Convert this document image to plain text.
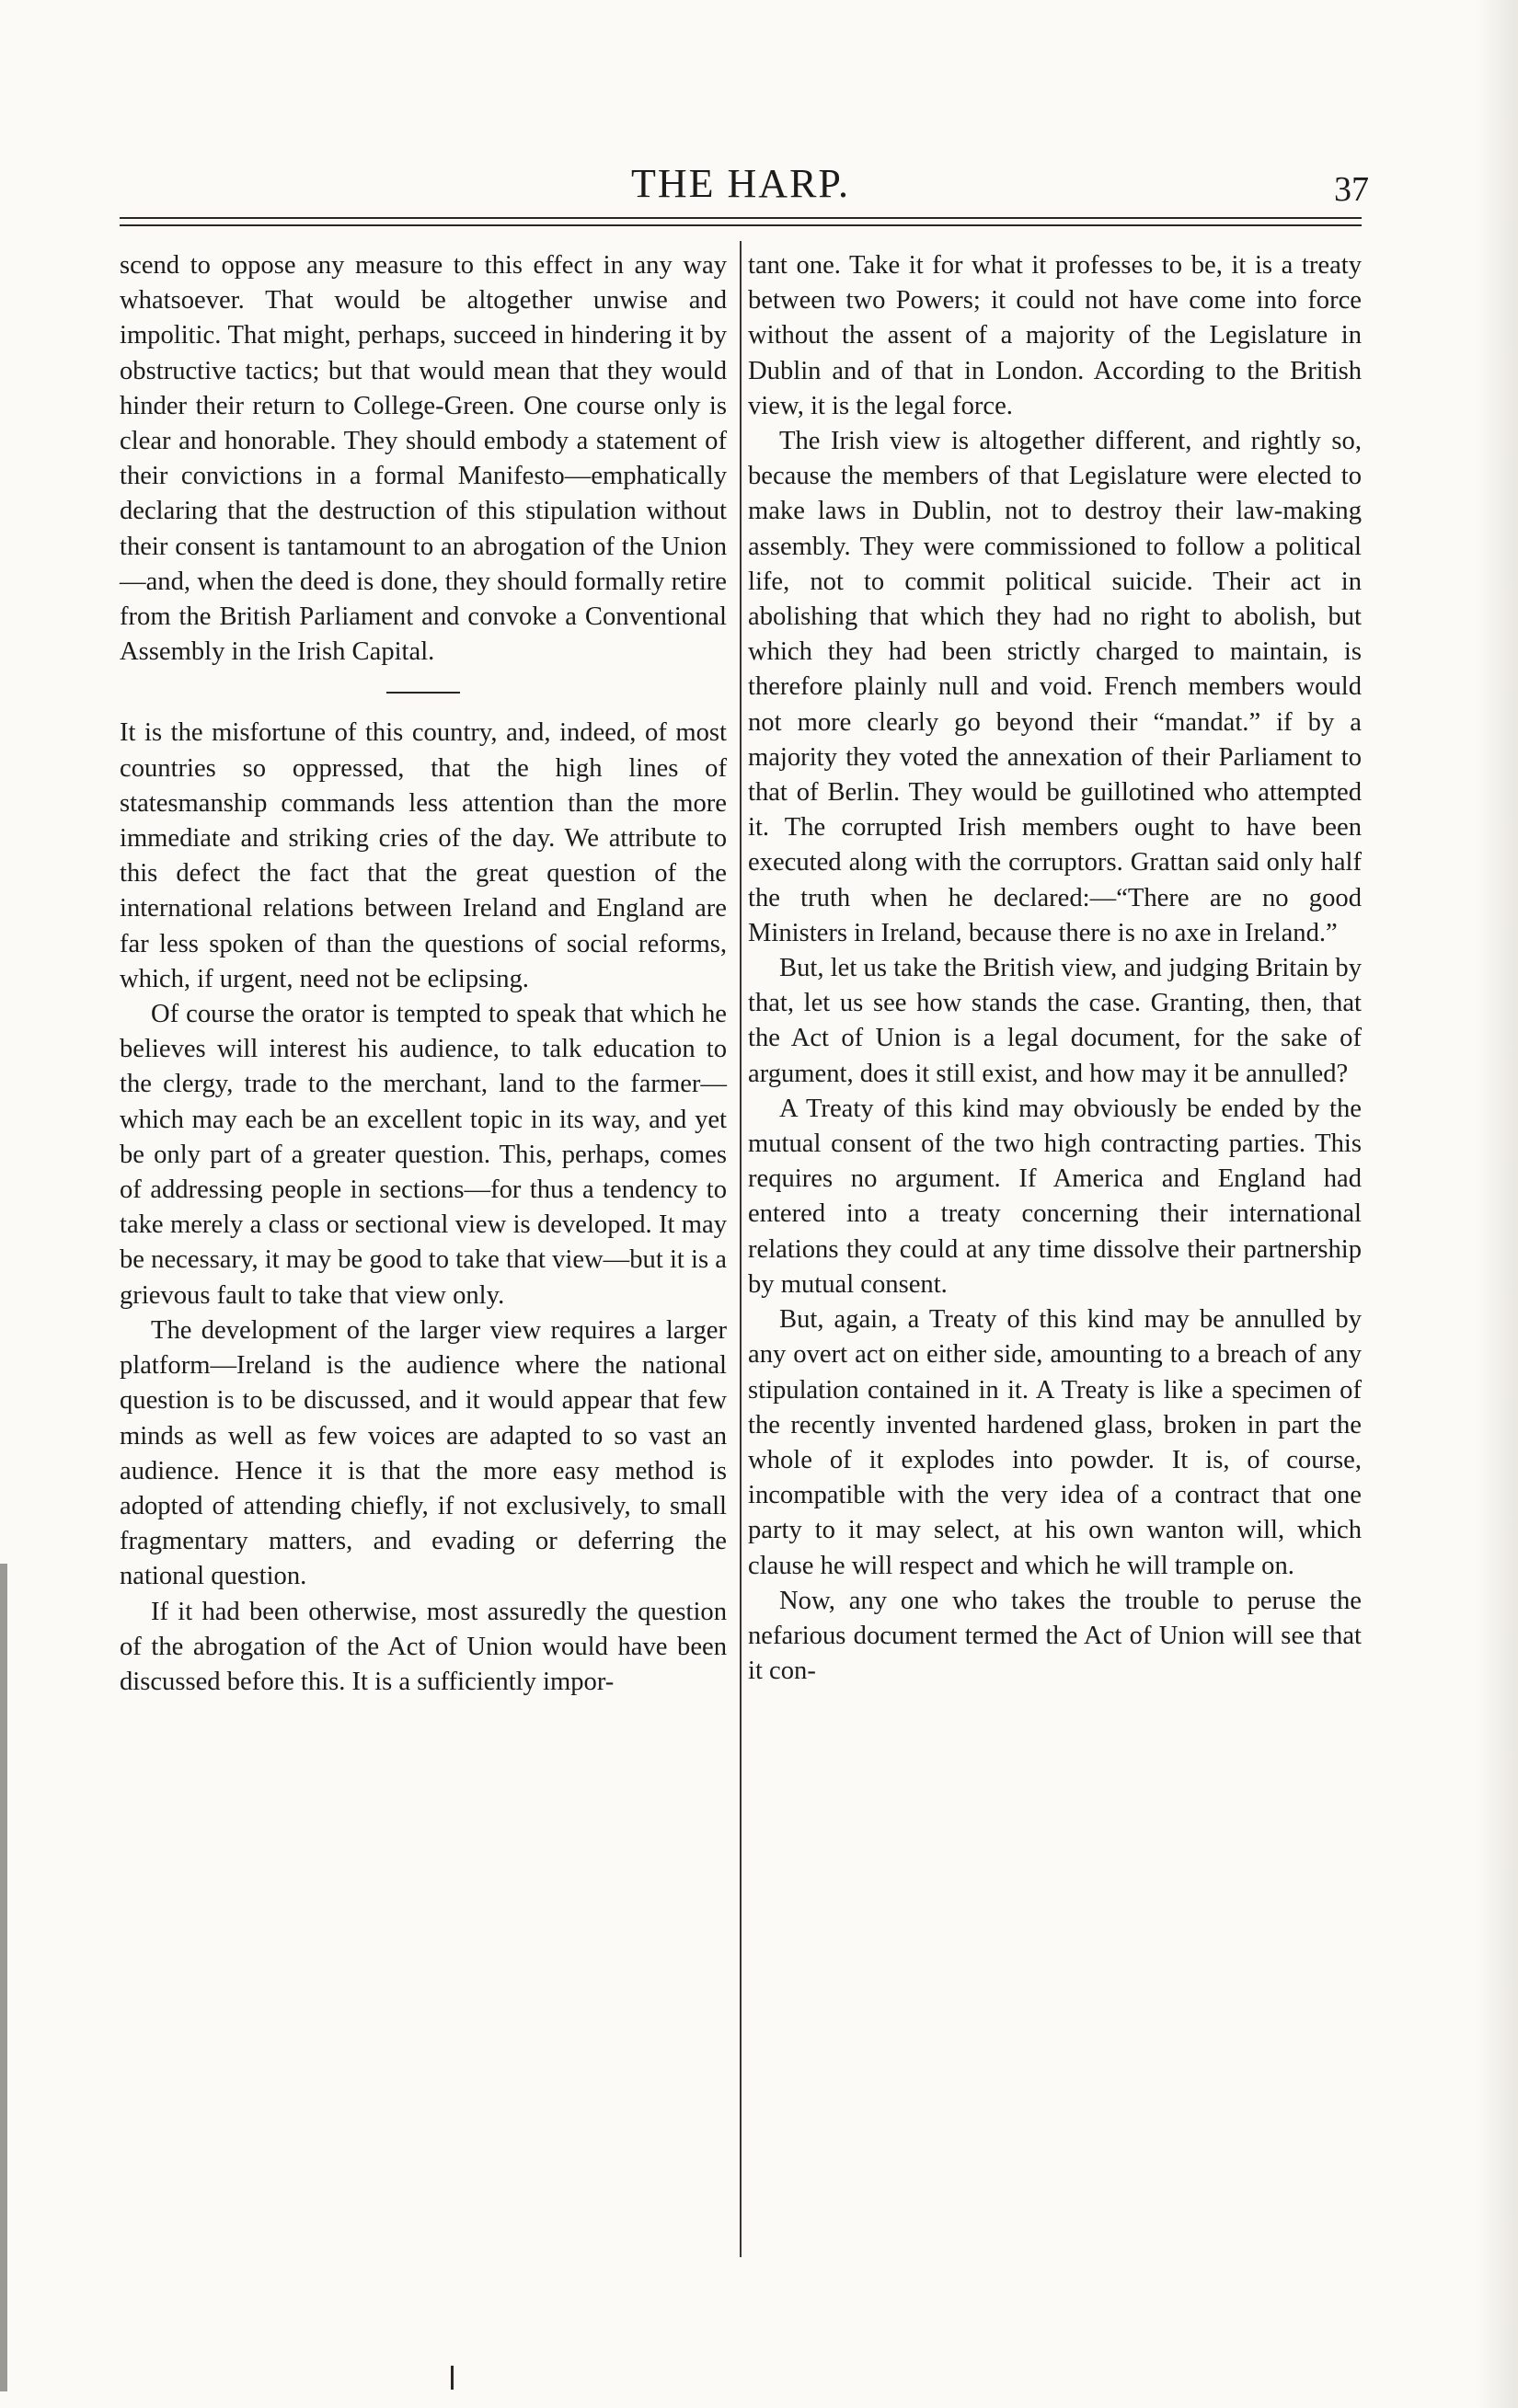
THE HARP.	37

scend to oppose any measure to this effect in any way whatsoever. That would be altogether unwise and impolitic. That might, perhaps, succeed in hindering it by obstructive tactics; but that would mean that they would hinder their return to College-Green. One course only is clear and honorable. They should embody a statement of their convictions in a formal Manifesto—emphatically declaring that the destruction of this stipulation without their consent is tantamount to an abrogation of the Union—and, when the deed is done, they should formally retire from the British Parliament and convoke a Conventional Assembly in the Irish Capital.

It is the misfortune of this country, and, indeed, of most countries so oppressed, that the high lines of statesmanship commands less attention than the more immediate and striking cries of the day. We attribute to this defect the fact that the great question of the international relations between Ireland and England are far less spoken of than the questions of social reforms, which, if urgent, need not be eclipsing.

Of course the orator is tempted to speak that which he believes will interest his audience, to talk education to the clergy, trade to the merchant, land to the farmer—which may each be an excellent topic in its way, and yet be only part of a greater question. This, perhaps, comes of addressing people in sections—for thus a tendency to take merely a class or sectional view is developed. It may be necessary, it may be good to take that view—but it is a grievous fault to take that view only.

The development of the larger view requires a larger platform—Ireland is the audience where the national question is to be discussed, and it would appear that few minds as well as few voices are adapted to so vast an audience. Hence it is that the more easy method is adopted of attending chiefly, if not exclusively, to small fragmentary matters, and evading or deferring the national question.

If it had been otherwise, most assuredly the question of the abrogation of the Act of Union would have been discussed before this. It is a sufficiently impor-

tant one. Take it for what it professes to be, it is a treaty between two Powers; it could not have come into force without the assent of a majority of the Legislature in Dublin and of that in London. According to the British view, it is the legal force.

The Irish view is altogether different, and rightly so, because the members of that Legislature were elected to make laws in Dublin, not to destroy their law-making assembly. They were commissioned to follow a political life, not to commit political suicide. Their act in abolishing that which they had no right to abolish, but which they had been strictly charged to maintain, is therefore plainly null and void. French members would not more clearly go beyond their “mandat.” if by a majority they voted the annexation of their Parliament to that of Berlin. They would be guillotined who attempted it. The corrupted Irish members ought to have been executed along with the corruptors. Grattan said only half the truth when he declared:—“There are no good Ministers in Ireland, because there is no axe in Ireland.”

But, let us take the British view, and judging Britain by that, let us see how stands the case. Granting, then, that the Act of Union is a legal document, for the sake of argument, does it still exist, and how may it be annulled?

A Treaty of this kind may obviously be ended by the mutual consent of the two high contracting parties. This requires no argument. If America and England had entered into a treaty concerning their international relations they could at any time dissolve their partnership by mutual consent.

But, again, a Treaty of this kind may be annulled by any overt act on either side, amounting to a breach of any stipulation contained in it. A Treaty is like a specimen of the recently invented hardened glass, broken in part the whole of it explodes into powder. It is, of course, incompatible with the very idea of a contract that one party to it may select, at his own wanton will, which clause he will respect and which he will trample on.

Now, any one who takes the trouble to peruse the nefarious document termed the Act of Union will see that it con-
